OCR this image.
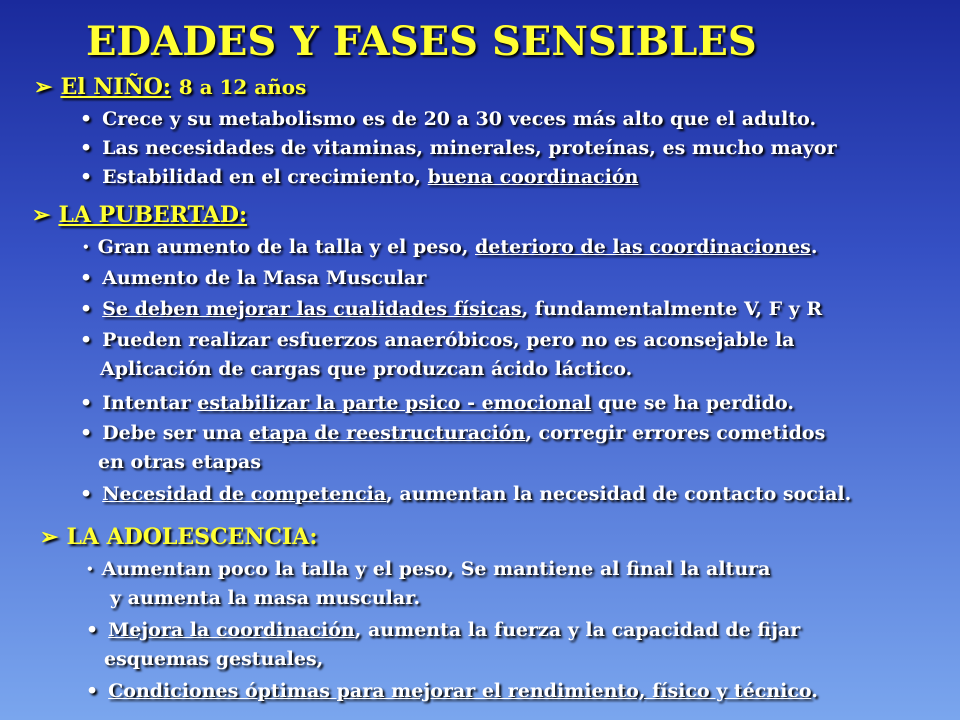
EDADES Y FASES SENSIBLES
➢ El NIÑO: 8 a 12 años
• Crece y su metabolismo es de 20 a 30 veces más alto que el adulto.
• Las necesidades de vitaminas, minerales, proteínas, es mucho mayor
• Estabilidad en el crecimiento, buena coordinación
➢ LA PUBERTAD:
• Gran aumento de la talla y el peso, deterioro de las coordinaciones.
• Aumento de la Masa Muscular
• Se deben mejorar las cualidades físicas, fundamentalmente V, F y R
• Pueden realizar esfuerzos anaeróbicos, pero no es aconsejable la
Aplicación de cargas que produzcan ácido láctico.
• Intentar estabilizar la parte psico - emocional que se ha perdido.
• Debe ser una etapa de reestructuración, corregir errores cometidos
en otras etapas
• Necesidad de competencia, aumentan la necesidad de contacto social.
➢ LA ADOLESCENCIA:
• Aumentan poco la talla y el peso, Se mantiene al final la altura
y aumenta la masa muscular.
• Mejora la coordinación, aumenta la fuerza y la capacidad de fijar
esquemas gestuales,
• Condiciones óptimas para mejorar el rendimiento, físico y técnico.
